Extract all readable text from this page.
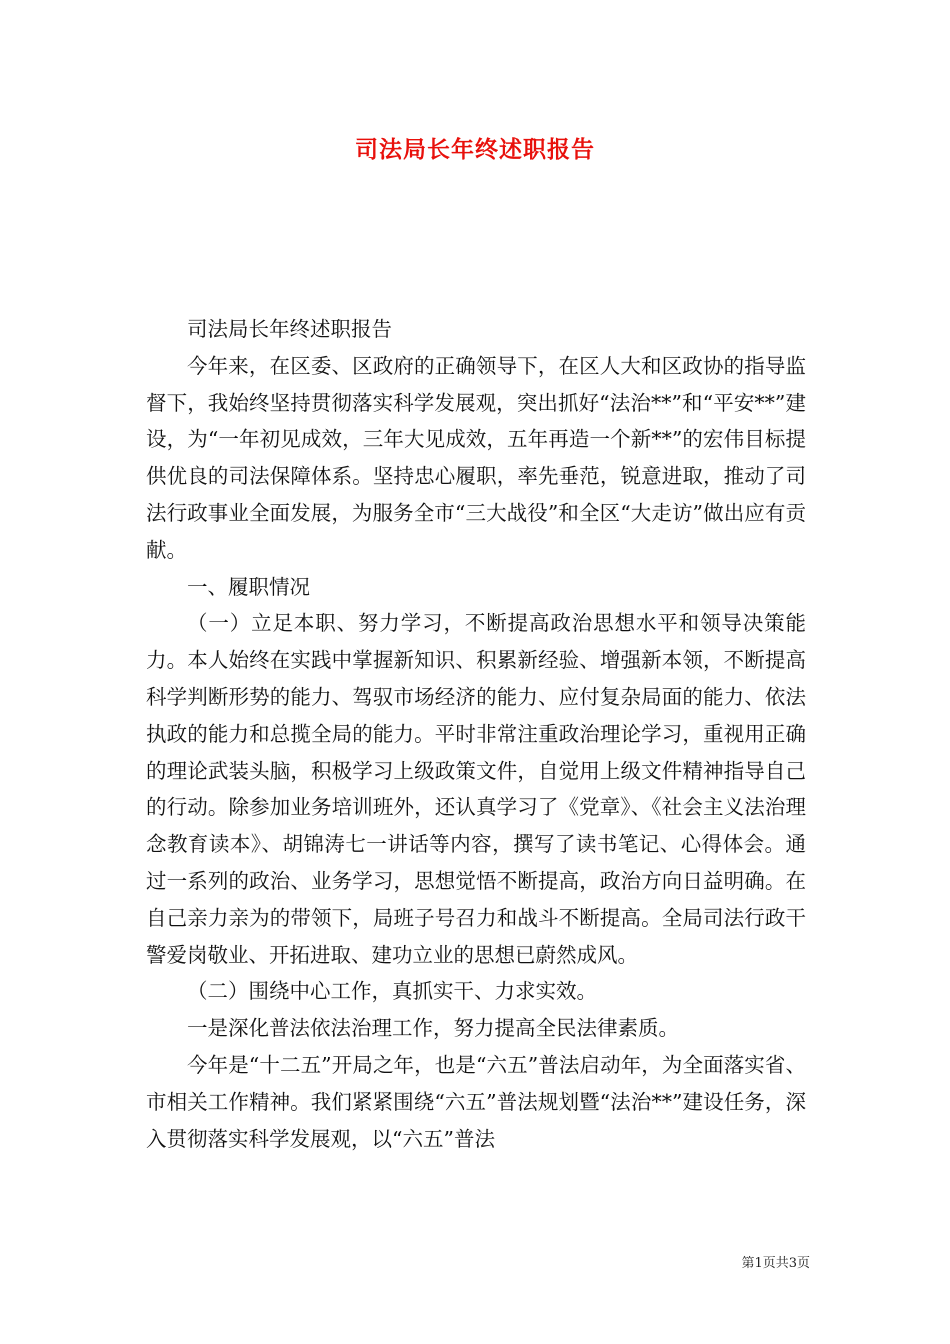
司法局长年终述职报告

司法局长年终述职报告

今年来，在区委、区政府的正确领导下，在区人大和区政协的指导监督下，我始终坚持贯彻落实科学发展观，突出抓好“法治**”和“平安**”建设，为“一年初见成效，三年大见成效，五年再造一个新**”的宏伟目标提供优良的司法保障体系。坚持忠心履职，率先垂范，锐意进取，推动了司法行政事业全面发展，为服务全市“三大战役”和全区“大走访”做出应有贡献。

一、履职情况

（一）立足本职、努力学习，不断提高政治思想水平和领导决策能力。本人始终在实践中掌握新知识、积累新经验、增强新本领，不断提高科学判断形势的能力、驾驭市场经济的能力、应付复杂局面的能力、依法执政的能力和总揽全局的能力。平时非常注重政治理论学习，重视用正确的理论武装头脑，积极学习上级政策文件，自觉用上级文件精神指导自己的行动。除参加业务培训班外，还认真学习了《党章》、《社会主义法治理念教育读本》、胡锦涛七一讲话等内容，撰写了读书笔记、心得体会。通过一系列的政治、业务学习，思想觉悟不断提高，政治方向日益明确。在自己亲力亲为的带领下，局班子号召力和战斗不断提高。全局司法行政干警爱岗敬业、开拓进取、建功立业的思想已蔚然成风。

（二）围绕中心工作，真抓实干、力求实效。

一是深化普法依法治理工作，努力提高全民法律素质。

今年是“十二五”开局之年，也是“六五”普法启动年，为全面落实省、市相关工作精神。我们紧紧围绕“六五”普法规划暨“法治**”建设任务，深入贯彻落实科学发展观，以“六五”普法

第1页共3页
